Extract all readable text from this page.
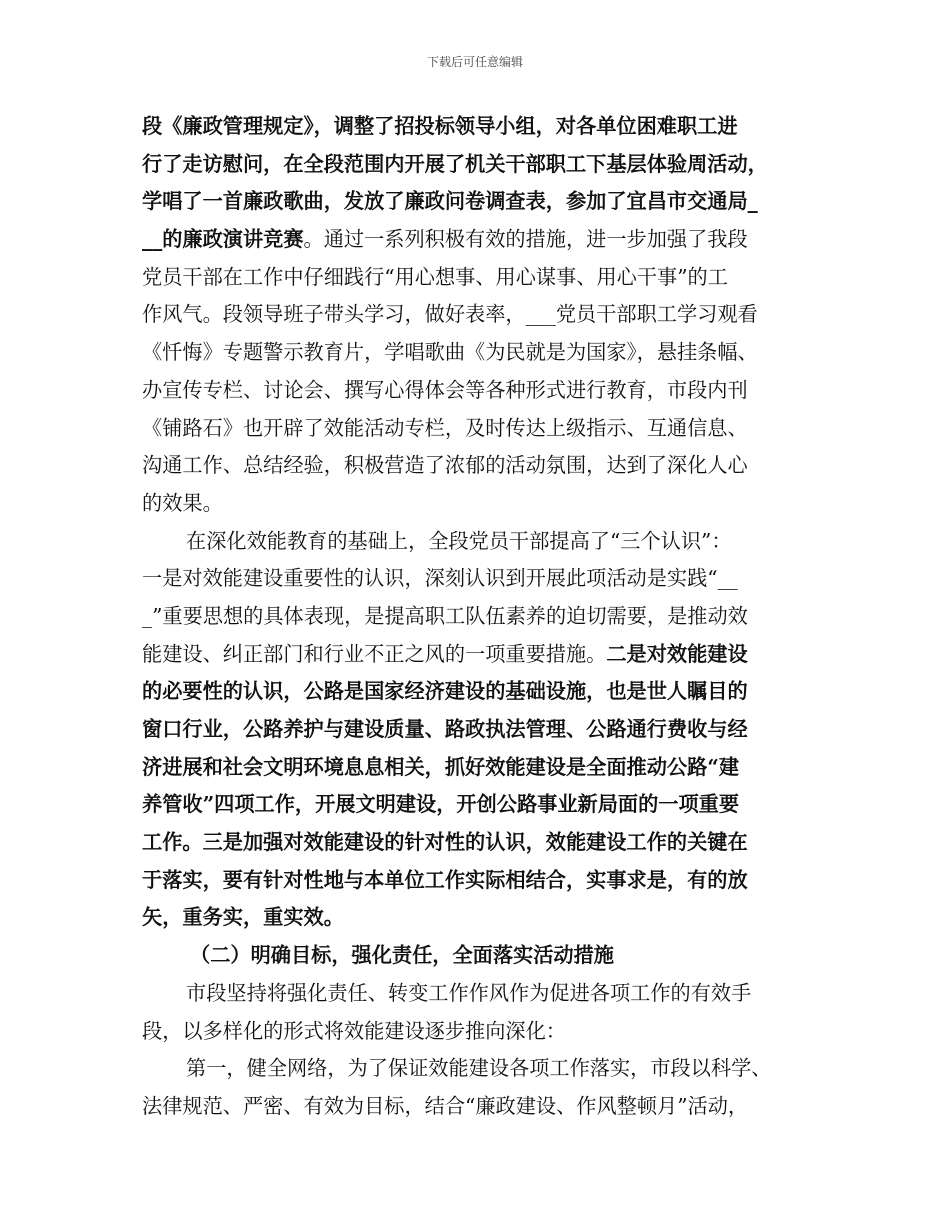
下载后可任意编辑
段《廉政管理规定》，调整了招投标领导小组，对各单位困难职工进
行了走访慰问，在全段范围内开展了机关干部职工下基层体验周活动，
学唱了一首廉政歌曲，发放了廉政问卷调查表，参加了宜昌市交通局_
__的廉政演讲竞赛。通过一系列积极有效的措施，进一步加强了我段
党员干部在工作中仔细践行“用心想事、用心谋事、用心干事”的工
作风气。段领导班子带头学习，做好表率，___党员干部职工学习观看
《忏悔》专题警示教育片，学唱歌曲《为民就是为国家》，悬挂条幅、
办宣传专栏、讨论会、撰写心得体会等各种形式进行教育，市段内刊
《铺路石》也开辟了效能活动专栏，及时传达上级指示、互通信息、
沟通工作、总结经验，积极营造了浓郁的活动氛围，达到了深化人心
的效果。
在深化效能教育的基础上，全段党员干部提高了“三个认识”：
一是对效能建设重要性的认识，深刻认识到开展此项活动是实践“__
_”重要思想的具体表现，是提高职工队伍素养的迫切需要，是推动效
能建设、纠正部门和行业不正之风的一项重要措施。二是对效能建设
的必要性的认识，公路是国家经济建设的基础设施，也是世人瞩目的
窗口行业，公路养护与建设质量、路政执法管理、公路通行费收与经
济进展和社会文明环境息息相关，抓好效能建设是全面推动公路“建
养管收”四项工作，开展文明建设，开创公路事业新局面的一项重要
工作。三是加强对效能建设的针对性的认识，效能建设工作的关键在
于落实，要有针对性地与本单位工作实际相结合，实事求是，有的放
矢，重务实，重实效。
（二）明确目标，强化责任，全面落实活动措施
市段坚持将强化责任、转变工作作风作为促进各项工作的有效手
段，以多样化的形式将效能建设逐步推向深化：
第一，健全网络，为了保证效能建设各项工作落实，市段以科学、
法律规范、严密、有效为目标，结合“廉政建设、作风整顿月”活动，
